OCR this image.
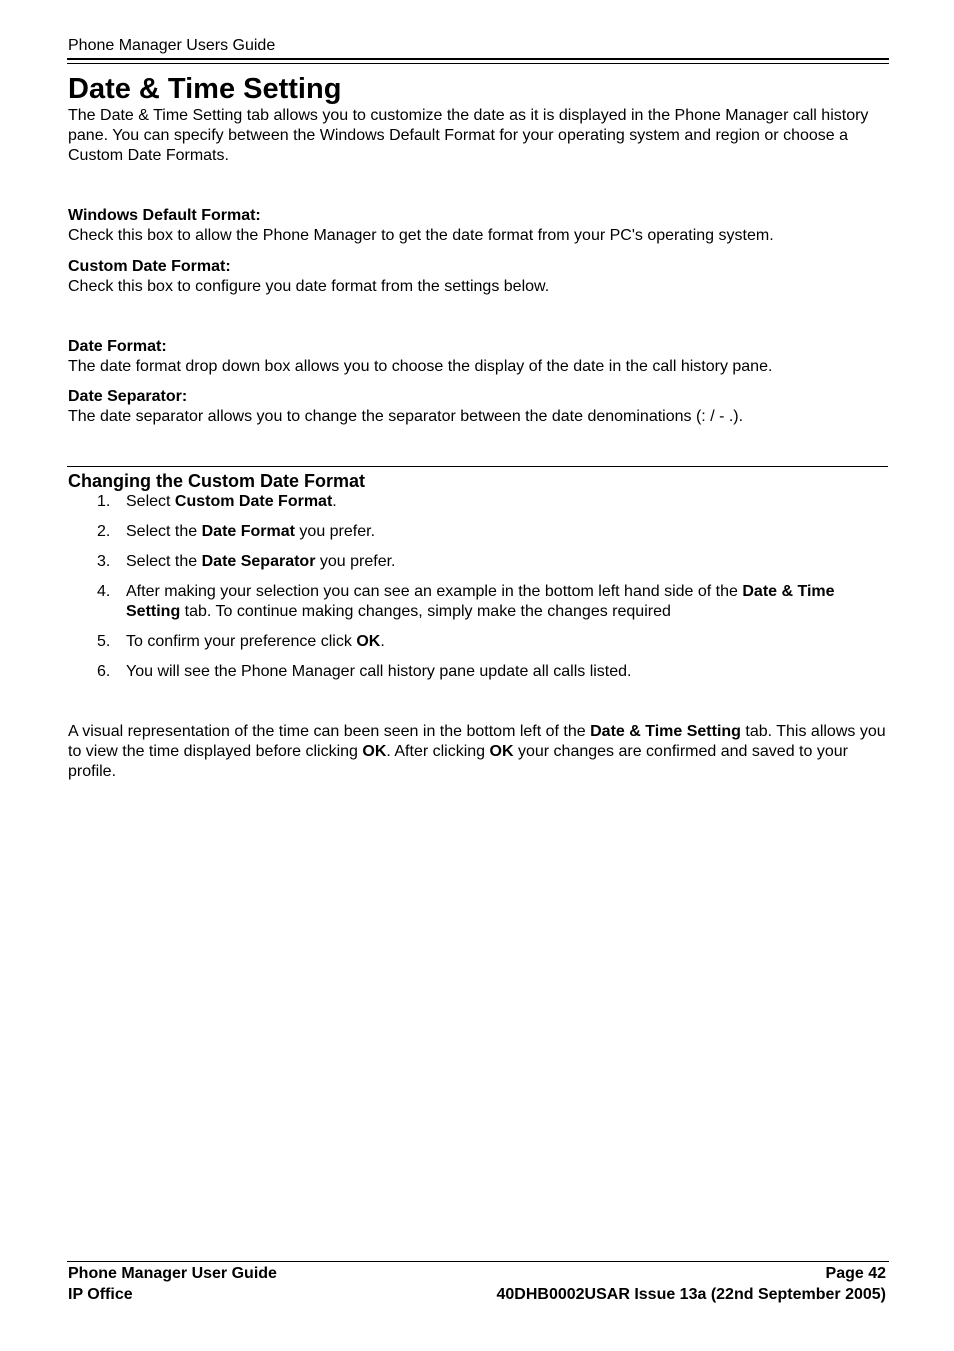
Phone Manager Users Guide
Date & Time Setting

The Date & Time Setting tab allows you to customize the date as it is displayed in the Phone Manager call history pane. You can specify between the Windows Default Format for your operating system and region or choose a Custom Date Formats.

Windows Default Format:

Check this box to allow the Phone Manager to get the date format from your PC's operating system.

Custom Date Format:

Check this box to configure you date format from the settings below.

Date Format:

The date format drop down box allows you to choose the display of the date in the call history pane.

Date Separator:

The date separator allows you to change the separator between the date denominations (: / - .).

Changing the Custom Date Format
1. Select Custom Date Format.
2. Select the Date Format you prefer.
3. Select the Date Separator you prefer.
4. After making your selection you can see an example in the bottom left hand side of the Date & Time Setting tab. To continue making changes, simply make the changes required
5. To confirm your preference click OK.
6. You will see the Phone Manager call history pane update all calls listed.

A visual representation of the time can been seen in the bottom left of the Date & Time Setting tab. This allows you to view the time displayed before clicking OK. After clicking OK your changes are confirmed and saved to your profile.

Phone Manager User Guide	Page 42
IP Office	40DHB0002USAR Issue 13a (22nd September 2005)
